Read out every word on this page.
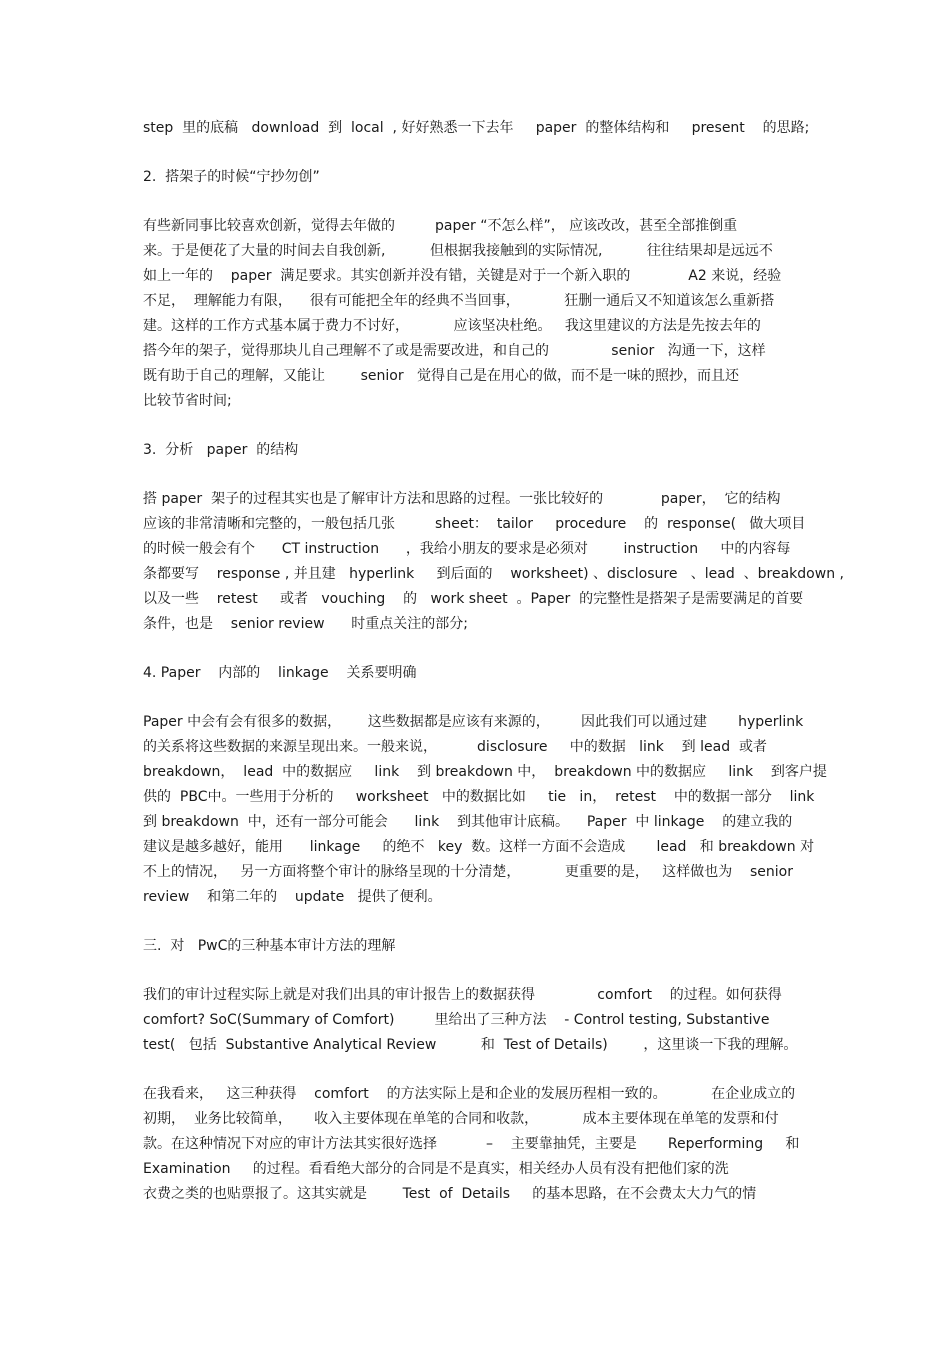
step  里的底稿   download  到  local  , 好好熟悉一下去年     paper  的整体结构和     present    的思路;
2.  搭架子的时候“宁抄勿创”
有些新同事比较喜欢创新，觉得去年做的         paper “不怎么样”， 应该改改，甚至全部推倒重
来。于是便花了大量的时间去自我创新,          但根据我接触到的实际情况,          往往结果却是远远不
如上一年的    paper  满足要求。其实创新并没有错，关键是对于一个新入职的             A2 来说，经验
不足，  理解能力有限，    很有可能把全年的经典不当回事，          狂删一通后又不知道该怎么重新搭
建。这样的工作方式基本属于费力不讨好，          应该坚决杜绝。   我这里建议的方法是先按去年的
搭今年的架子，觉得那块儿自己理解不了或是需要改进，和自己的              senior   沟通一下，这样
既有助于自己的理解，又能让        senior   觉得自己是在用心的做，而不是一味的照抄，而且还
比较节省时间;
3.  分析   paper  的结构
搭 paper  架子的过程其实也是了解审计方法和思路的过程。一张比较好的             paper，  它的结构
应该的非常清晰和完整的，一般包括几张         sheet：  tailor     procedure    的  response(   做大项目
的时候一般会有个      CT instruction      ，我给小朋友的要求是必须对        instruction     中的内容每
条都要写    response , 并且建   hyperlink     到后面的    worksheet) 、disclosure   、lead  、breakdown ,
以及一些    retest     或者   vouching    的   work sheet  。Paper  的完整性是搭架子是需要满足的首要
条件，也是    senior review      时重点关注的部分;
4. Paper    内部的    linkage    关系要明确
Paper 中会有会有很多的数据，      这些数据都是应该有来源的，       因此我们可以通过建       hyperlink
的关系将这些数据的来源呈现出来。一般来说，         disclosure     中的数据   link    到 lead  或者
breakdown，  lead  中的数据应     link    到 breakdown 中，  breakdown 中的数据应     link    到客户提
供的  PBC中。一些用于分析的     worksheet   中的数据比如     tie   in，  retest    中的数据一部分    link
到 breakdown  中，还有一部分可能会      link    到其他审计底稿。    Paper  中 linkage    的建立我的
建议是越多越好，能用      linkage     的绝不   key  数。这样一方面不会造成       lead   和 breakdown 对
不上的情况，   另一方面将整个审计的脉络呈现的十分清楚，          更重要的是，   这样做也为    senior
review    和第二年的    update   提供了便利。
三.  对   PwC的三种基本审计方法的理解
我们的审计过程实际上就是对我们出具的审计报告上的数据获得              comfort    的过程。如何获得
comfort? SoC(Summary of Comfort)         里给出了三种方法    - Control testing, Substantive
test(   包括  Substantive Analytical Review          和  Test of Details)        ，这里谈一下我的理解。
在我看来，   这三种获得    comfort    的方法实际上是和企业的发展历程相一致的。          在企业成立的
初期，  业务比较简单，     收入主要体现在单笔的合同和收款，          成本主要体现在单笔的发票和付
款。在这种情况下对应的审计方法其实很好选择           –    主要靠抽凭，主要是       Reperforming     和
Examination     的过程。看看绝大部分的合同是不是真实，相关经办人员有没有把他们家的洗
衣费之类的也贴票报了。这其实就是        Test  of  Details     的基本思路，在不会费太大力气的情
